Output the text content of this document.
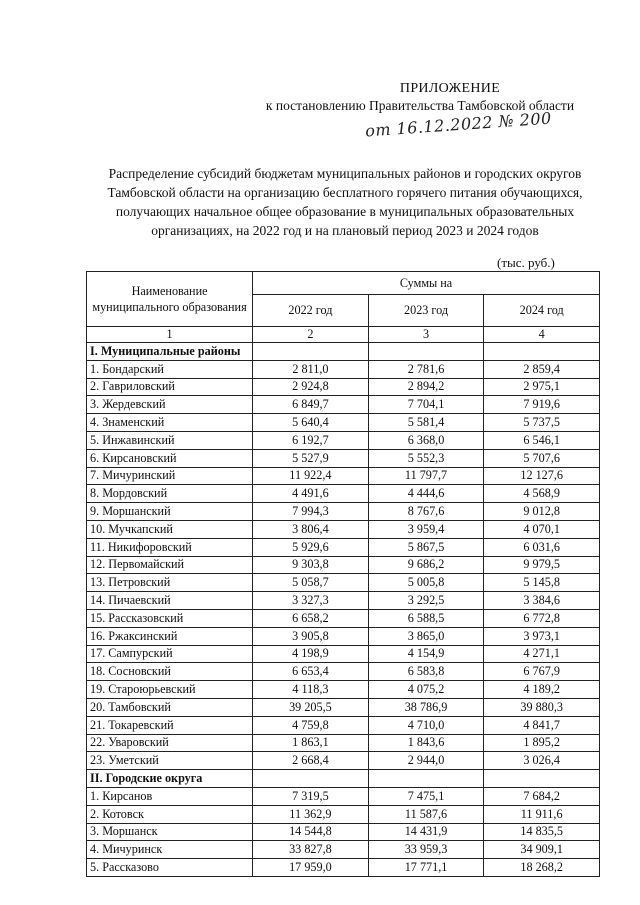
ПРИЛОЖЕНИЕ
к постановлению Правительства Тамбовской области
от 16.12.2022 № 200
Распределение субсидий бюджетам муниципальных районов и городских округов Тамбовской области на организацию бесплатного горячего питания обучающихся, получающих начальное общее образование в муниципальных образовательных организациях, на 2022 год и на плановый период 2023 и 2024 годов
(тыс. руб.)
Наименование муниципального образования	Суммы на		
	2022 год	2023 год	2024 год
1	2	3	4
I. Муниципальные районы			
1. Бондарский	2 811,0	2 781,6	2 859,4
2. Гавриловский	2 924,8	2 894,2	2 975,1
3. Жердевский	6 849,7	7 704,1	7 919,6
4. Знаменский	5 640,4	5 581,4	5 737,5
5. Инжавинский	6 192,7	6 368,0	6 546,1
6. Кирсановский	5 527,9	5 552,3	5 707,6
7. Мичуринский	11 922,4	11 797,7	12 127,6
8. Мордовский	4 491,6	4 444,6	4 568,9
9. Моршанский	7 994,3	8 767,6	9 012,8
10. Мучкапский	3 806,4	3 959,4	4 070,1
11. Никифоровский	5 929,6	5 867,5	6 031,6
12. Первомайский	9 303,8	9 686,2	9 979,5
13. Петровский	5 058,7	5 005,8	5 145,8
14. Пичаевский	3 327,3	3 292,5	3 384,6
15. Рассказовский	6 658,2	6 588,5	6 772,8
16. Ржаксинский	3 905,8	3 865,0	3 973,1
17. Сампурский	4 198,9	4 154,9	4 271,1
18. Сосновский	6 653,4	6 583,8	6 767,9
19. Староюрьевский	4 118,3	4 075,2	4 189,2
20. Тамбовский	39 205,5	38 786,9	39 880,3
21. Токаревский	4 759,8	4 710,0	4 841,7
22. Уваровский	1 863,1	1 843,6	1 895,2
23. Уметский	2 668,4	2 944,0	3 026,4
II. Городские округа			
1. Кирсанов	7 319,5	7 475,1	7 684,2
2. Котовск	11 362,9	11 587,6	11 911,6
3. Моршанск	14 544,8	14 431,9	14 835,5
4. Мичуринск	33 827,8	33 959,3	34 909,1
5. Рассказово	17 959,0	17 771,1	18 268,2
